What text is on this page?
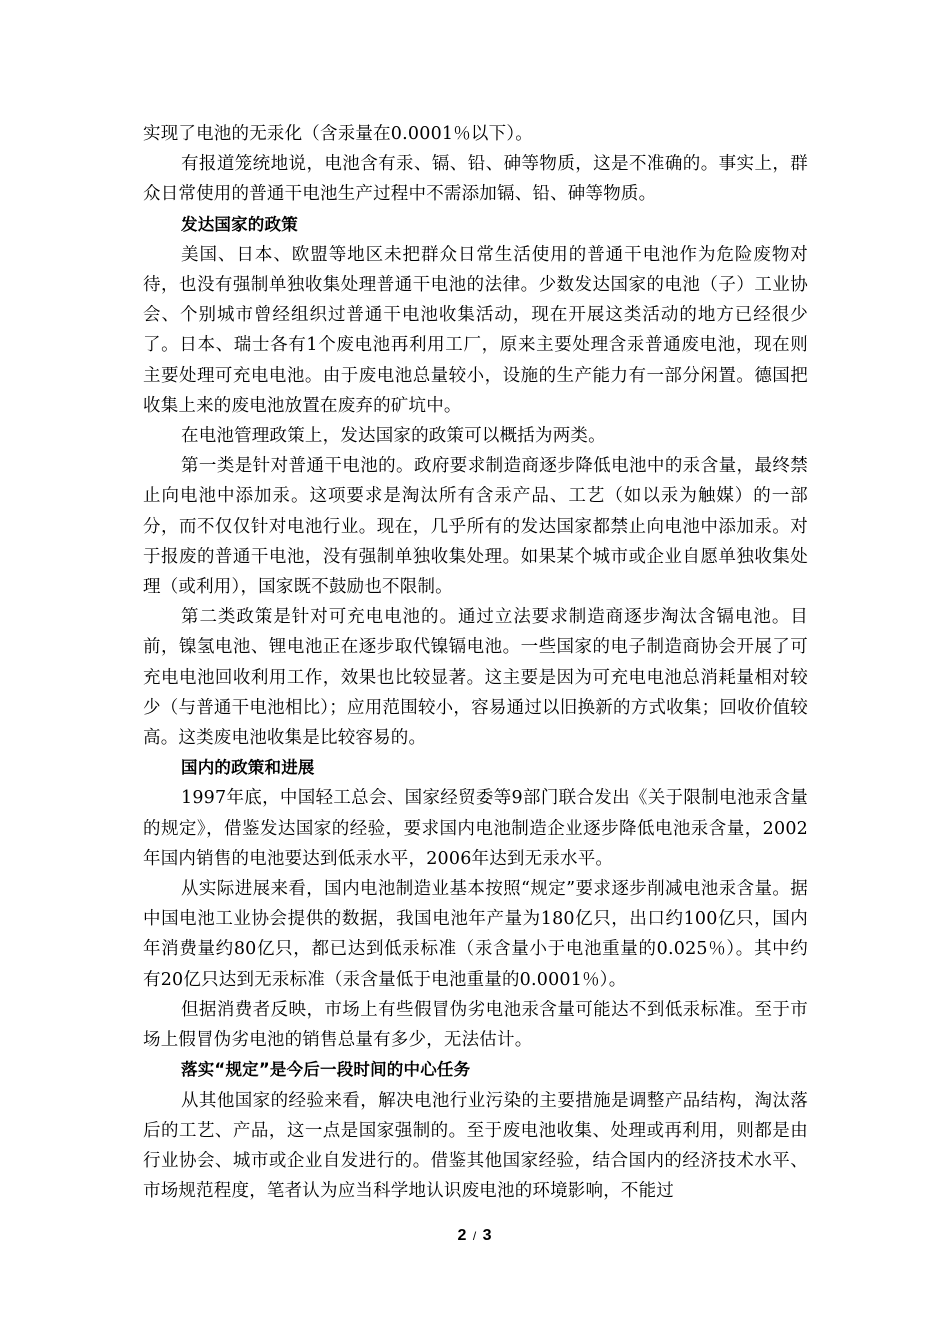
实现了电池的无汞化（含汞量在0.0001％以下）。

有报道笼统地说，电池含有汞、镉、铅、砷等物质，这是不准确的。事实上，群众日常使用的普通干电池生产过程中不需添加镉、铅、砷等物质。

发达国家的政策

美国、日本、欧盟等地区未把群众日常生活使用的普通干电池作为危险废物对待，也没有强制单独收集处理普通干电池的法律。少数发达国家的电池（子）工业协会、个别城市曾经组织过普通干电池收集活动，现在开展这类活动的地方已经很少了。日本、瑞士各有1个废电池再利用工厂，原来主要处理含汞普通废电池，现在则主要处理可充电电池。由于废电池总量较小，设施的生产能力有一部分闲置。德国把收集上来的废电池放置在废弃的矿坑中。

在电池管理政策上，发达国家的政策可以概括为两类。

第一类是针对普通干电池的。政府要求制造商逐步降低电池中的汞含量，最终禁止向电池中添加汞。这项要求是淘汰所有含汞产品、工艺（如以汞为触媒）的一部分，而不仅仅针对电池行业。现在，几乎所有的发达国家都禁止向电池中添加汞。对于报废的普通干电池，没有强制单独收集处理。如果某个城市或企业自愿单独收集处理（或利用），国家既不鼓励也不限制。

第二类政策是针对可充电电池的。通过立法要求制造商逐步淘汰含镉电池。目前，镍氢电池、锂电池正在逐步取代镍镉电池。一些国家的电子制造商协会开展了可充电电池回收利用工作，效果也比较显著。这主要是因为可充电电池总消耗量相对较少（与普通干电池相比）；应用范围较小，容易通过以旧换新的方式收集；回收价值较高。这类废电池收集是比较容易的。

国内的政策和进展

1997年底，中国轻工总会、国家经贸委等9部门联合发出《关于限制电池汞含量的规定》，借鉴发达国家的经验，要求国内电池制造企业逐步降低电池汞含量，2002年国内销售的电池要达到低汞水平，2006年达到无汞水平。

从实际进展来看，国内电池制造业基本按照“规定”要求逐步削减电池汞含量。据中国电池工业协会提供的数据，我国电池年产量为180亿只，出口约100亿只，国内年消费量约80亿只，都已达到低汞标准（汞含量小于电池重量的0.025％）。其中约有20亿只达到无汞标准（汞含量低于电池重量的0.0001％）。

但据消费者反映，市场上有些假冒伪劣电池汞含量可能达不到低汞标准。至于市场上假冒伪劣电池的销售总量有多少，无法估计。

落实“规定”是今后一段时间的中心任务

从其他国家的经验来看，解决电池行业污染的主要措施是调整产品结构，淘汰落后的工艺、产品，这一点是国家强制的。至于废电池收集、处理或再利用，则都是由行业协会、城市或企业自发进行的。借鉴其他国家经验，结合国内的经济技术水平、市场规范程度，笔者认为应当科学地认识废电池的环境影响，不能过

2 / 3
